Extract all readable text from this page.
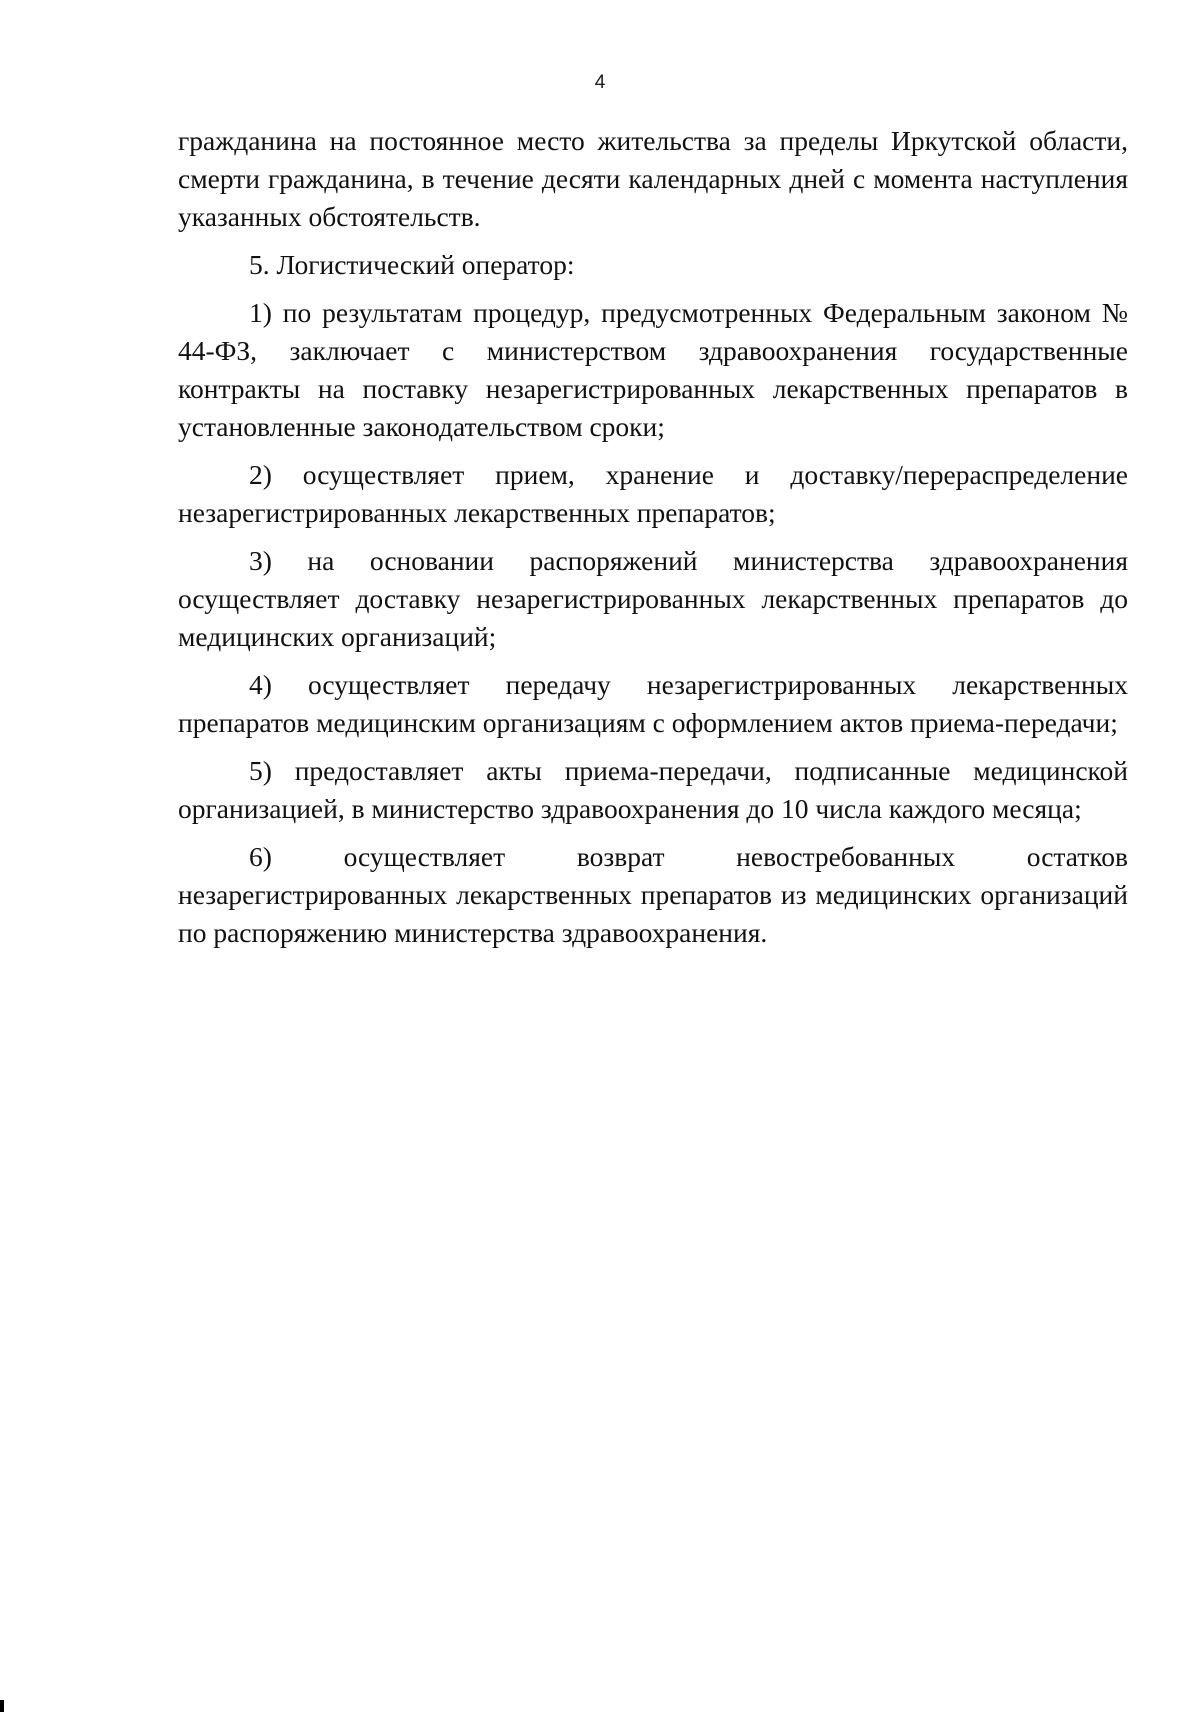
4

гражданина на постоянное место жительства за пределы Иркутской области, смерти гражданина, в течение десяти календарных дней с момента наступления указанных обстоятельств.

5. Логистический оператор:

1) по результатам процедур, предусмотренных Федеральным законом № 44-ФЗ, заключает с министерством здравоохранения государственные контракты на поставку незарегистрированных лекарственных препаратов в установленные законодательством сроки;

2) осуществляет прием, хранение и доставку/перераспределение незарегистрированных лекарственных препаратов;

3) на основании распоряжений министерства здравоохранения осуществляет доставку незарегистрированных лекарственных препаратов до медицинских организаций;

4) осуществляет передачу незарегистрированных лекарственных препаратов медицинским организациям с оформлением актов приема-передачи;

5) предоставляет акты приема-передачи, подписанные медицинской организацией, в министерство здравоохранения до 10 числа каждого месяца;

6) осуществляет возврат невостребованных остатков незарегистрированных лекарственных препаратов из медицинских организаций по распоряжению министерства здравоохранения.
